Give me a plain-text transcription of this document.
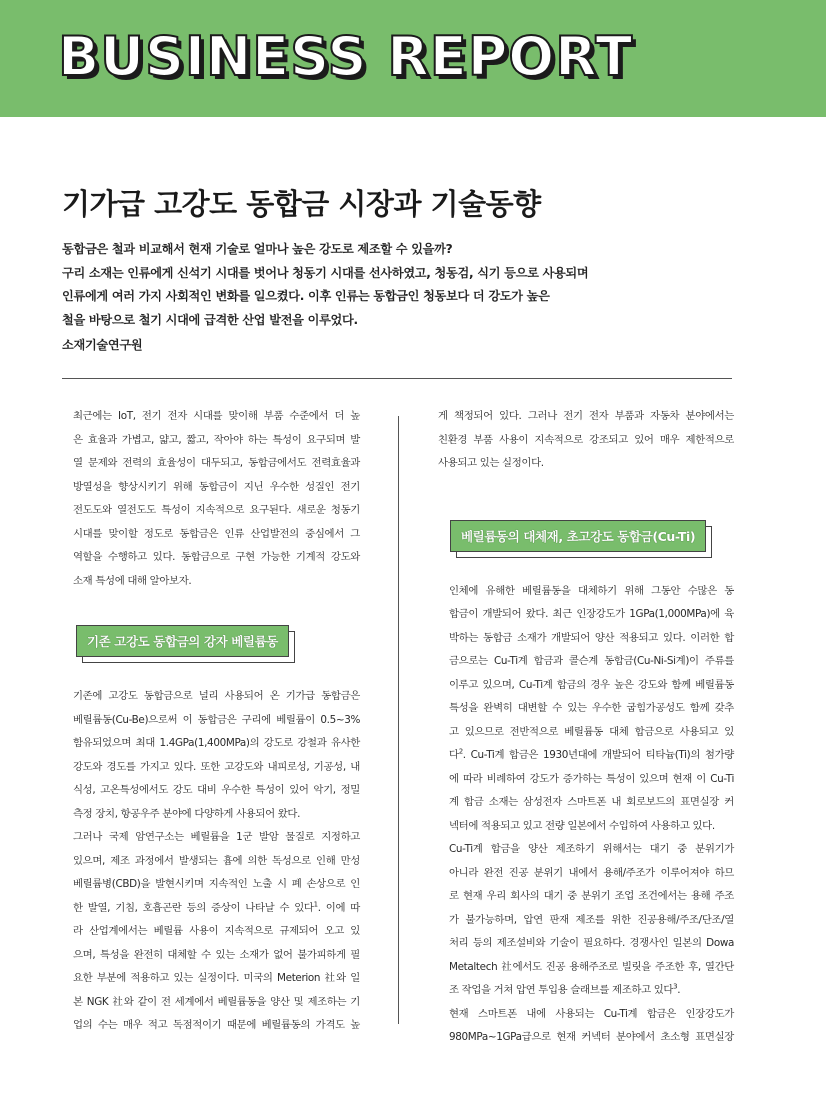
BUSINESS REPORT
기가급 고강도 동합금 시장과 기술동향

동합금은 철과 비교해서 현재 기술로 얼마나 높은 강도로 제조할 수 있을까?

구리 소재는 인류에게 신석기 시대를 벗어나 청동기 시대를 선사하였고, 청동검, 식기 등으로 사용되며

인류에게 여러 가지 사회적인 변화를 일으켰다. 이후 인류는 동합금인 청동보다 더 강도가 높은

철을 바탕으로 철기 시대에 급격한 산업 발전을 이루었다.

소재기술연구원

최근에는 IoT, 전기 전자 시대를 맞이해 부품 수준에서 더 높
은 효율과 가볍고, 얇고, 짧고, 작아야 하는 특성이 요구되며 발
열 문제와 전력의 효율성이 대두되고, 동합금에서도 전력효율과
방열성을 향상시키기 위해 동합금이 지닌 우수한 성질인 전기
전도도와 열전도도 특성이 지속적으로 요구된다. 새로운 청동기
시대를 맞이할 정도로 동합금은 인류 산업발전의 중심에서 그
역할을 수행하고 있다. 동합금으로 구현 가능한 기계적 강도와
소재 특성에 대해 알아보자.
기존 고강도 동합금의 강자 베릴륨동
기존에 고강도 동합금으로 널리 사용되어 온 기가급 동합금은
베릴륨동(Cu-Be)으로써 이 동합금은 구리에 베릴륨이 0.5~3%
함유되었으며 최대 1.4GPa(1,400MPa)의 강도로 강철과 유사한
강도와 경도를 가지고 있다. 또한 고강도와 내피로성, 기공성, 내
식성, 고온특성에서도 강도 대비 우수한 특성이 있어 악기, 정밀
측정 장치, 항공우주 분야에 다양하게 사용되어 왔다.
그러나 국제 암연구소는 베릴륨을 1군 발암 물질로 지정하고
있으며, 제조 과정에서 발생되는 흄에 의한 독성으로 인해 만성
베릴륨병(CBD)을 발현시키며 지속적인 노출 시 폐 손상으로 인
한 발열, 기침, 호흡곤란 등의 증상이 나타날 수 있다$^1$. 이에 따
라 산업계에서는 베릴륨 사용이 지속적으로 규제되어 오고 있
으며, 특성을 완전히 대체할 수 있는 소재가 없어 불가피하게 필
요한 부분에 적용하고 있는 실정이다. 미국의 Meterion 社와 일
본 NGK 社와 같이 전 세계에서 베릴륨동을 양산 및 제조하는 기
업의 수는 매우 적고 독점적이기 때문에 베릴륨동의 가격도 높
게 책정되어 있다. 그러나 전기 전자 부품과 자동차 분야에서는
친환경 부품 사용이 지속적으로 강조되고 있어 매우 제한적으로
사용되고 있는 실정이다.
베릴륨동의 대체재, 초고강도 동합금(Cu-Ti)
인체에 유해한 베릴륨동을 대체하기 위해 그동안 수많은 동
합금이 개발되어 왔다. 최근 인장강도가 1GPa(1,000MPa)에 육
박하는 동합금 소재가 개발되어 양산 적용되고 있다. 이러한 합
금으로는 Cu-Ti계 합금과 콜슨계 동합금(Cu-Ni-Si계)이 주류를
이루고 있으며, Cu-Ti계 합금의 경우 높은 강도와 함께 베릴륨동
특성을 완벽히 대변할 수 있는 우수한 굽힘가공성도 함께 갖추
고 있으므로 전반적으로 베릴륨동 대체 합금으로 사용되고 있
다$^2$. Cu-Ti계 합금은 1930년대에 개발되어 티타늄(Ti)의 첨가량
에 따라 비례하여 강도가 증가하는 특성이 있으며 현재 이 Cu-Ti
계 합금 소재는 삼성전자 스마트폰 내 회로보드의 표면실장 커
넥터에 적용되고 있고 전량 일본에서 수입하여 사용하고 있다.
Cu-Ti계 합금을 양산 제조하기 위해서는 대기 중 분위기가
아니라 완전 진공 분위기 내에서 용해/주조가 이루어져야 하므
로 현재 우리 회사의 대기 중 분위기 조업 조건에서는 용해 주조
가 불가능하며, 압연 판재 제조를 위한 진공용해/주조/단조/열
처리 등의 제조설비와 기술이 필요하다. 경쟁사인 일본의 Dowa
Metaltech 社에서도 진공 용해주조로 빌릿을 주조한 후, 열간단
조 작업을 거쳐 압연 투입용 슬래브를 제조하고 있다$^3$.
현재 스마트폰 내에 사용되는 Cu-Ti계 합금은 인장강도가
980MPa~1GPa급으로 현재 커넥터 분야에서 초소형 표면실장
